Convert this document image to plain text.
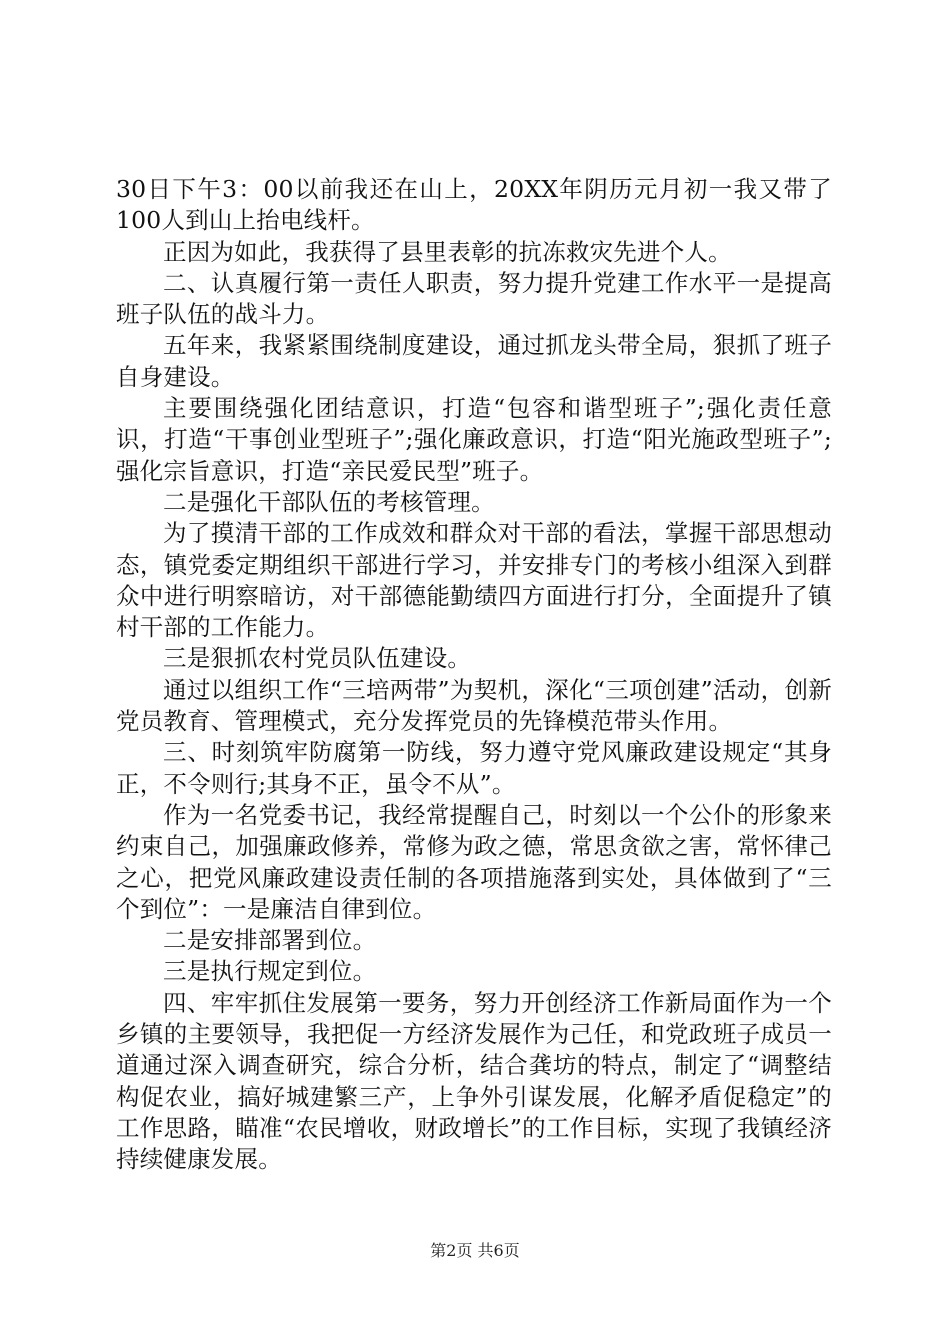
30日下午3：00以前我还在山上，20XX年阴历元月初一我又带了100人到山上抬电线杆。

正因为如此，我获得了县里表彰的抗冻救灾先进个人。

二、认真履行第一责任人职责，努力提升党建工作水平一是提高班子队伍的战斗力。

五年来，我紧紧围绕制度建设，通过抓龙头带全局，狠抓了班子自身建设。

主要围绕强化团结意识，打造“包容和谐型班子”;强化责任意识，打造“干事创业型班子”;强化廉政意识，打造“阳光施政型班子”;强化宗旨意识，打造“亲民爱民型”班子。

二是强化干部队伍的考核管理。

为了摸清干部的工作成效和群众对干部的看法，掌握干部思想动态，镇党委定期组织干部进行学习，并安排专门的考核小组深入到群众中进行明察暗访，对干部德能勤绩四方面进行打分，全面提升了镇村干部的工作能力。

三是狠抓农村党员队伍建设。

通过以组织工作“三培两带”为契机，深化“三项创建”活动，创新党员教育、管理模式，充分发挥党员的先锋模范带头作用。

三、时刻筑牢防腐第一防线，努力遵守党风廉政建设规定“其身正，不令则行;其身不正，虽令不从”。

作为一名党委书记，我经常提醒自己，时刻以一个公仆的形象来约束自己，加强廉政修养，常修为政之德，常思贪欲之害，常怀律己之心，把党风廉政建设责任制的各项措施落到实处，具体做到了“三个到位”：一是廉洁自律到位。

二是安排部署到位。

三是执行规定到位。

四、牢牢抓住发展第一要务，努力开创经济工作新局面作为一个乡镇的主要领导，我把促一方经济发展作为己任，和党政班子成员一道通过深入调查研究，综合分析，结合龚坊的特点，制定了“调整结构促农业，搞好城建繁三产，上争外引谋发展，化解矛盾促稳定”的工作思路，瞄准“农民增收，财政增长”的工作目标，实现了我镇经济持续健康发展。

第2页 共6页
